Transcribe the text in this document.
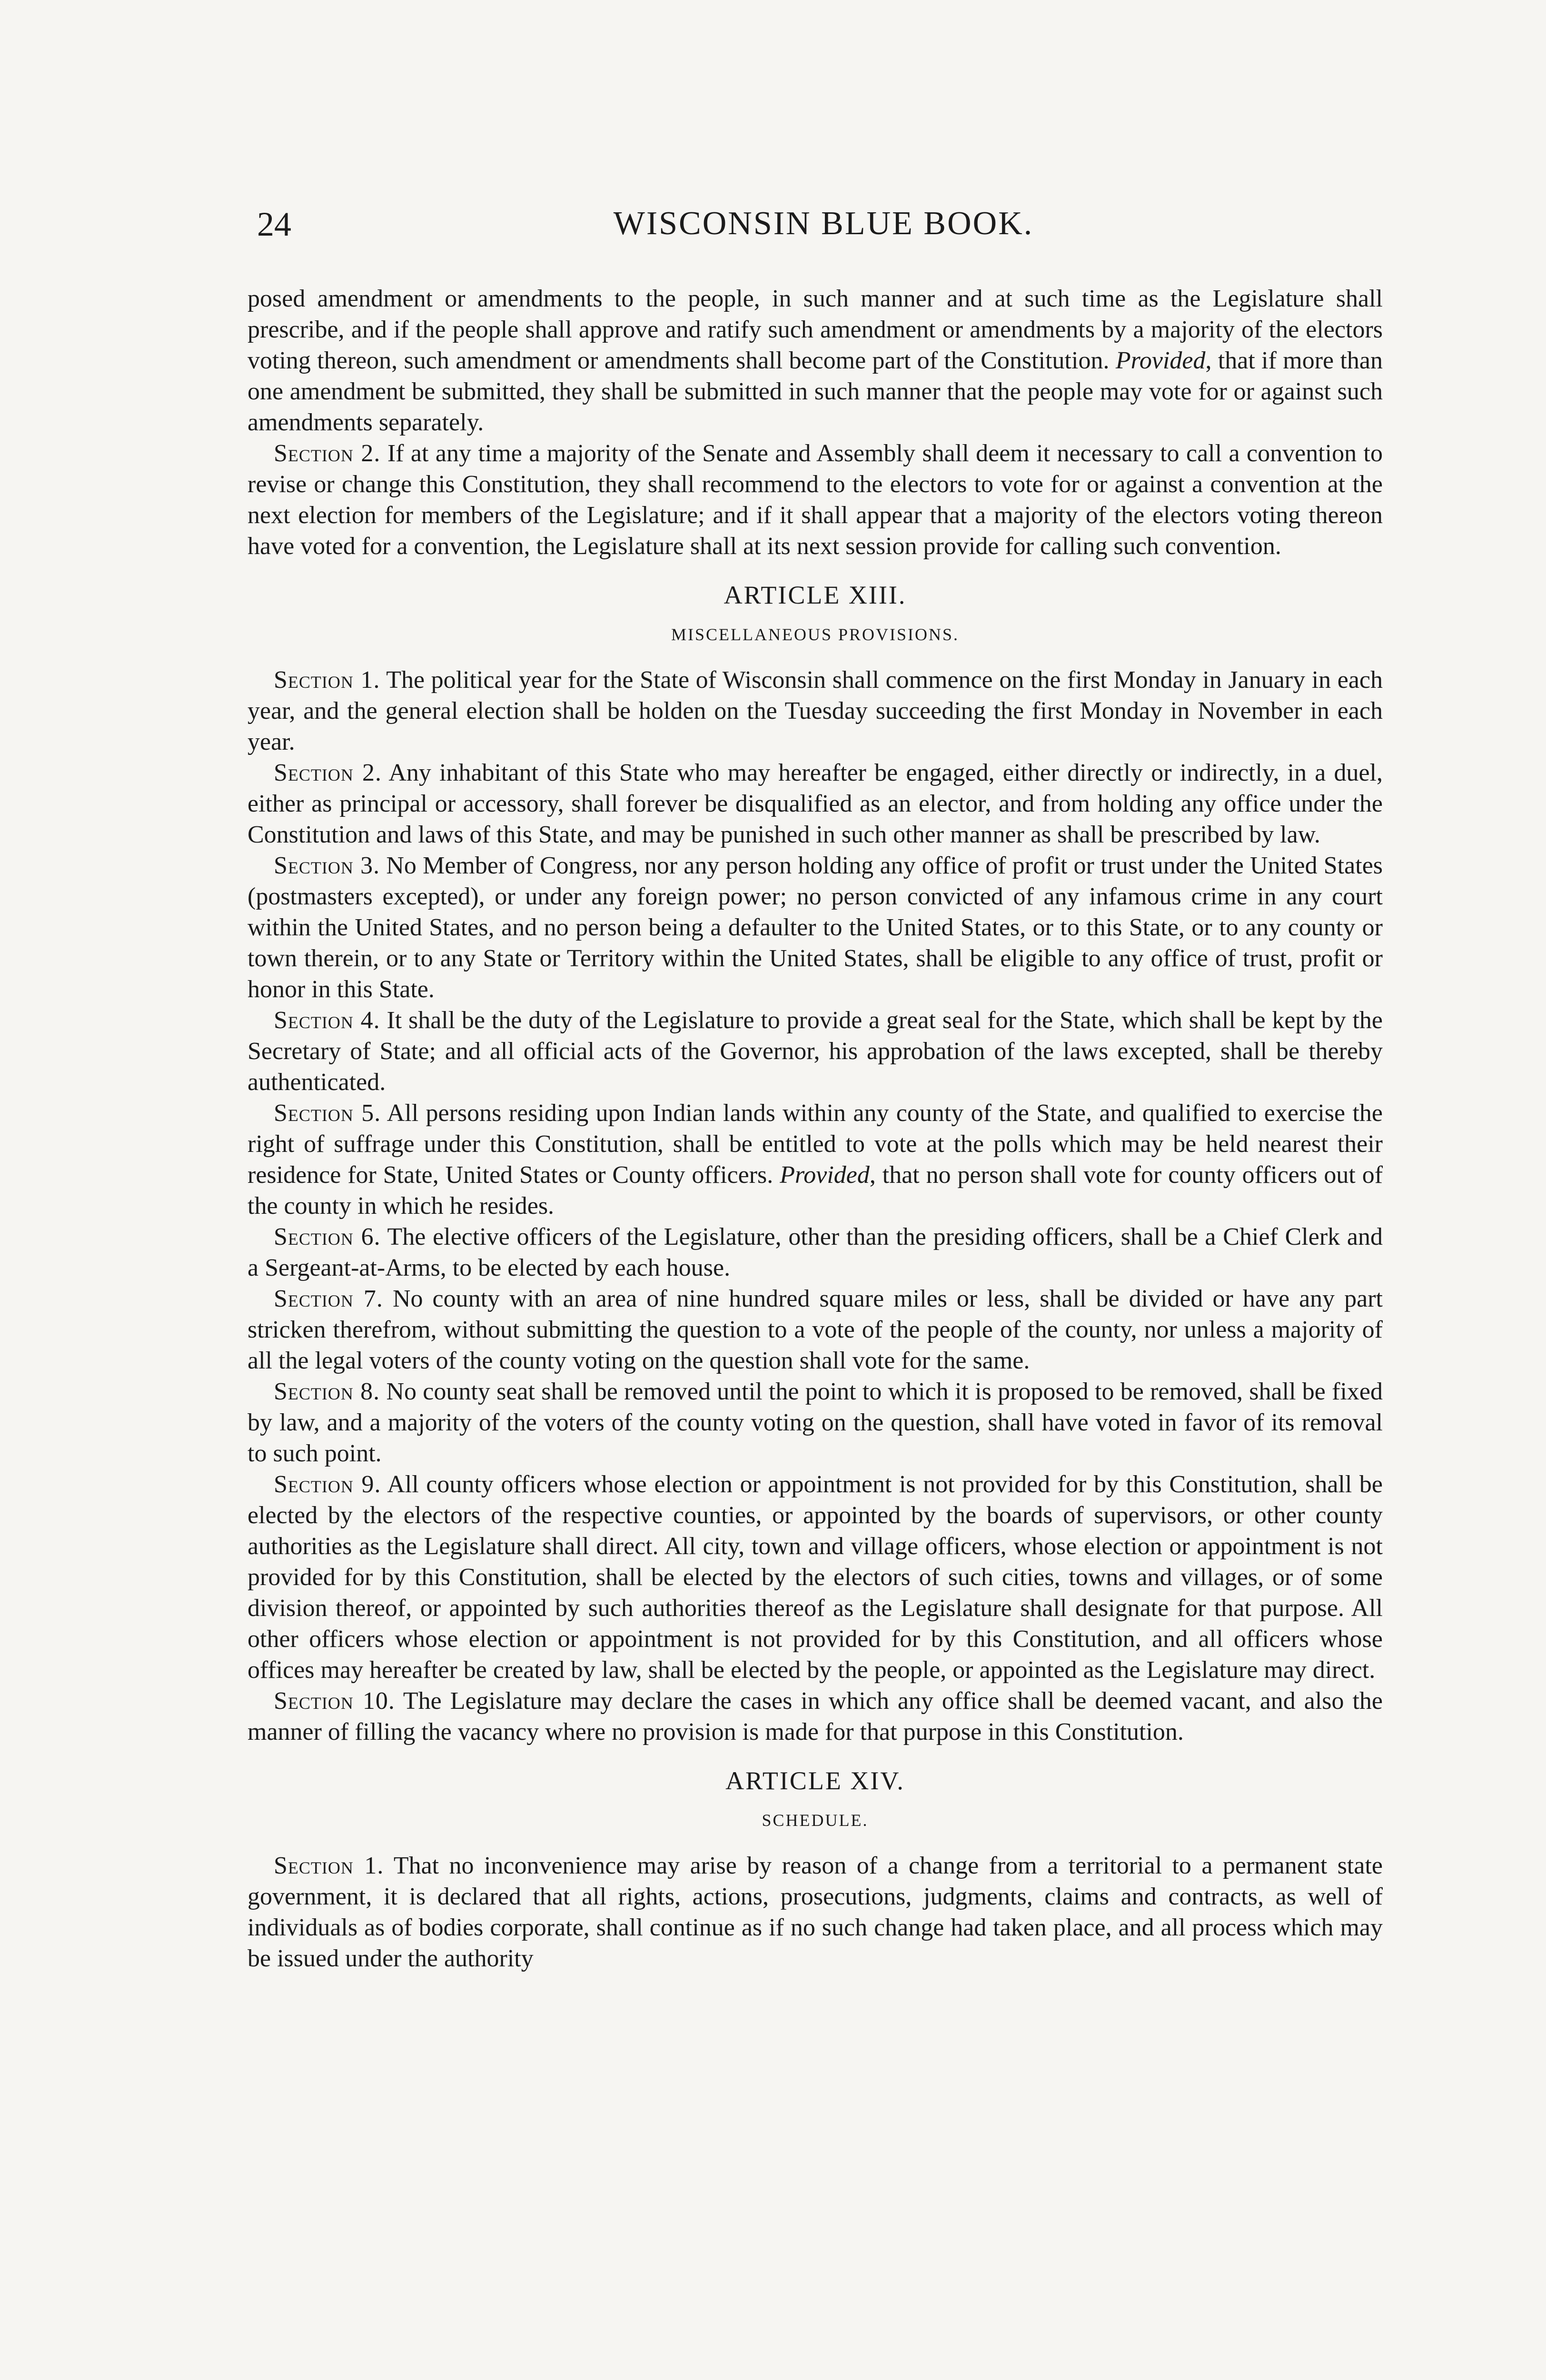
24	WISCONSIN BLUE BOOK.

posed amendment or amendments to the people, in such manner and at such time as the Legislature shall prescribe, and if the people shall approve and ratify such amendment or amendments by a majority of the electors voting thereon, such amendment or amendments shall become part of the Constitution. Provided, that if more than one amendment be submitted, they shall be submitted in such manner that the people may vote for or against such amendments separately.

Section 2. If at any time a majority of the Senate and Assembly shall deem it necessary to call a convention to revise or change this Constitution, they shall recommend to the electors to vote for or against a convention at the next election for members of the Legislature; and if it shall appear that a majority of the electors voting thereon have voted for a convention, the Legislature shall at its next session provide for calling such convention.

ARTICLE XIII.

MISCELLANEOUS PROVISIONS.

Section 1. The political year for the State of Wisconsin shall commence on the first Monday in January in each year, and the general election shall be holden on the Tuesday succeeding the first Monday in November in each year.

Section 2. Any inhabitant of this State who may hereafter be engaged, either directly or indirectly, in a duel, either as principal or accessory, shall forever be disqualified as an elector, and from holding any office under the Constitution and laws of this State, and may be punished in such other manner as shall be prescribed by law.

Section 3. No Member of Congress, nor any person holding any office of profit or trust under the United States (postmasters excepted), or under any foreign power; no person convicted of any infamous crime in any court within the United States, and no person being a defaulter to the United States, or to this State, or to any county or town therein, or to any State or Territory within the United States, shall be eligible to any office of trust, profit or honor in this State.

Section 4. It shall be the duty of the Legislature to provide a great seal for the State, which shall be kept by the Secretary of State; and all official acts of the Governor, his approbation of the laws excepted, shall be thereby authenticated.

Section 5. All persons residing upon Indian lands within any county of the State, and qualified to exercise the right of suffrage under this Constitution, shall be entitled to vote at the polls which may be held nearest their residence for State, United States or County officers. Provided, that no person shall vote for county officers out of the county in which he resides.

Section 6. The elective officers of the Legislature, other than the presiding officers, shall be a Chief Clerk and a Sergeant-at-Arms, to be elected by each house.

Section 7. No county with an area of nine hundred square miles or less, shall be divided or have any part stricken therefrom, without submitting the question to a vote of the people of the county, nor unless a majority of all the legal voters of the county voting on the question shall vote for the same.

Section 8. No county seat shall be removed until the point to which it is proposed to be removed, shall be fixed by law, and a majority of the voters of the county voting on the question, shall have voted in favor of its removal to such point.

Section 9. All county officers whose election or appointment is not provided for by this Constitution, shall be elected by the electors of the respective counties, or appointed by the boards of supervisors, or other county authorities as the Legislature shall direct. All city, town and village officers, whose election or appointment is not provided for by this Constitution, shall be elected by the electors of such cities, towns and villages, or of some division thereof, or appointed by such authorities thereof as the Legislature shall designate for that purpose. All other officers whose election or appointment is not provided for by this Constitution, and all officers whose offices may hereafter be created by law, shall be elected by the people, or appointed as the Legislature may direct.

Section 10. The Legislature may declare the cases in which any office shall be deemed vacant, and also the manner of filling the vacancy where no provision is made for that purpose in this Constitution.

ARTICLE XIV.

SCHEDULE.

Section 1. That no inconvenience may arise by reason of a change from a territorial to a permanent state government, it is declared that all rights, actions, prosecutions, judgments, claims and contracts, as well of individuals as of bodies corporate, shall continue as if no such change had taken place, and all process which may be issued under the authority
